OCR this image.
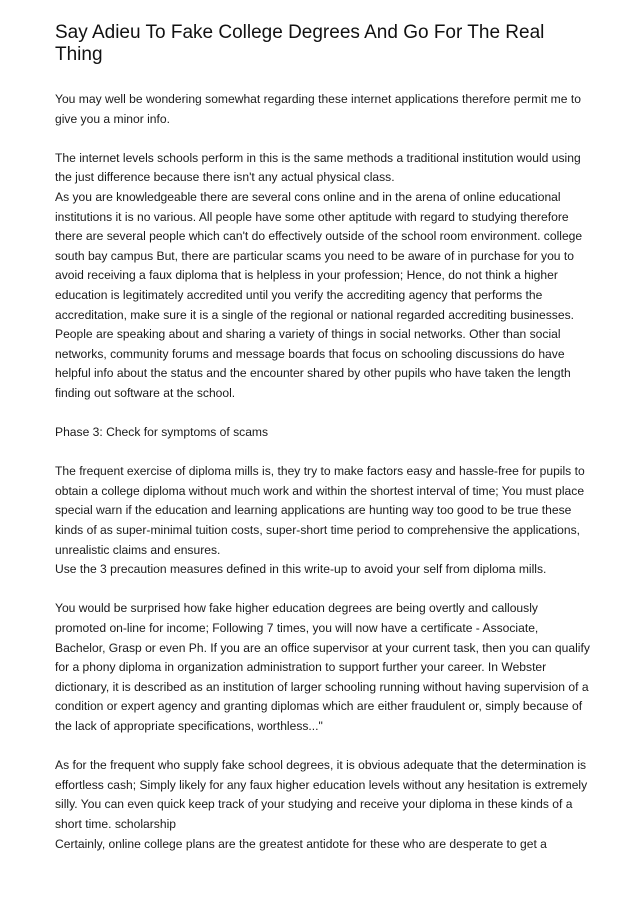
Say Adieu To Fake College Degrees And Go For The Real Thing

You may well be wondering somewhat regarding these internet applications therefore permit me to give you a minor info.

The internet levels schools perform in this is the same methods a traditional institution would using the just difference because there isn't any actual physical class.

As you are knowledgeable there are several cons online and in the arena of online educational institutions it is no various. All people have some other aptitude with regard to studying therefore there are several people which can't do effectively outside of the school room environment. college south bay campus But, there are particular scams you need to be aware of in purchase for you to avoid receiving a faux diploma that is helpless in your profession; Hence, do not think a higher education is legitimately accredited until you verify the accrediting agency that performs the accreditation, make sure it is a single of the regional or national regarded accrediting businesses. People are speaking about and sharing a variety of things in social networks. Other than social networks, community forums and message boards that focus on schooling discussions do have helpful info about the status and the encounter shared by other pupils who have taken the length finding out software at the school.

Phase 3: Check for symptoms of scams

The frequent exercise of diploma mills is, they try to make factors easy and hassle-free for pupils to obtain a college diploma without much work and within the shortest interval of time; You must place special warn if the education and learning applications are hunting way too good to be true these kinds of as super-minimal tuition costs, super-short time period to comprehensive the applications, unrealistic claims and ensures.

Use the 3 precaution measures defined in this write-up to avoid your self from diploma mills.

You would be surprised how fake higher education degrees are being overtly and callously promoted on-line for income; Following 7 times, you will now have a certificate - Associate, Bachelor, Grasp or even Ph. If you are an office supervisor at your current task, then you can qualify for a phony diploma in organization administration to support further your career. In Webster dictionary, it is described as an institution of larger schooling running without having supervision of a condition or expert agency and granting diplomas which are either fraudulent or, simply because of the lack of appropriate specifications, worthless..."

As for the frequent who supply fake school degrees, it is obvious adequate that the determination is effortless cash; Simply likely for any faux higher education levels without any hesitation is extremely silly. You can even quick keep track of your studying and receive your diploma in these kinds of a short time. scholarship

Certainly, online college plans are the greatest antidote for these who are desperate to get a
